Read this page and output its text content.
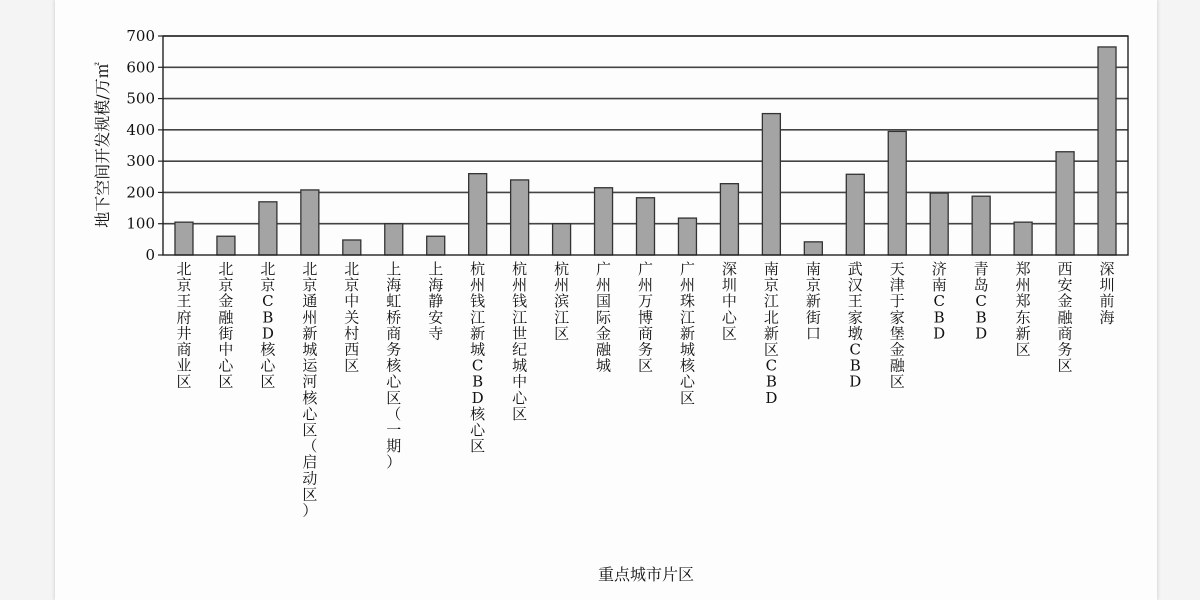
0
100
200
300
400
500
600
700
北京王府井商业区
北京金融街中心区
北京 C B D 核心区
北京通州新城运河核心区（启动区）
北京中关村西区
上海虹桥商务核心区（一期）
上海静安寺
杭州钱江新城 C B D 核心区
杭州钱江世纪城中心区
杭州滨江区
广州国际金融城
广州万博商务区
广州珠江新城核心区
深圳中心区
南京江北新区 C B D
南京新街口
武汉王家墩 C B D
天津于家堡金融区
济南 C B D
青岛 C B D
郑州郑东新区
西安金融商务区
深圳前海
地下空间开发规模/万㎡
重点城市片区
